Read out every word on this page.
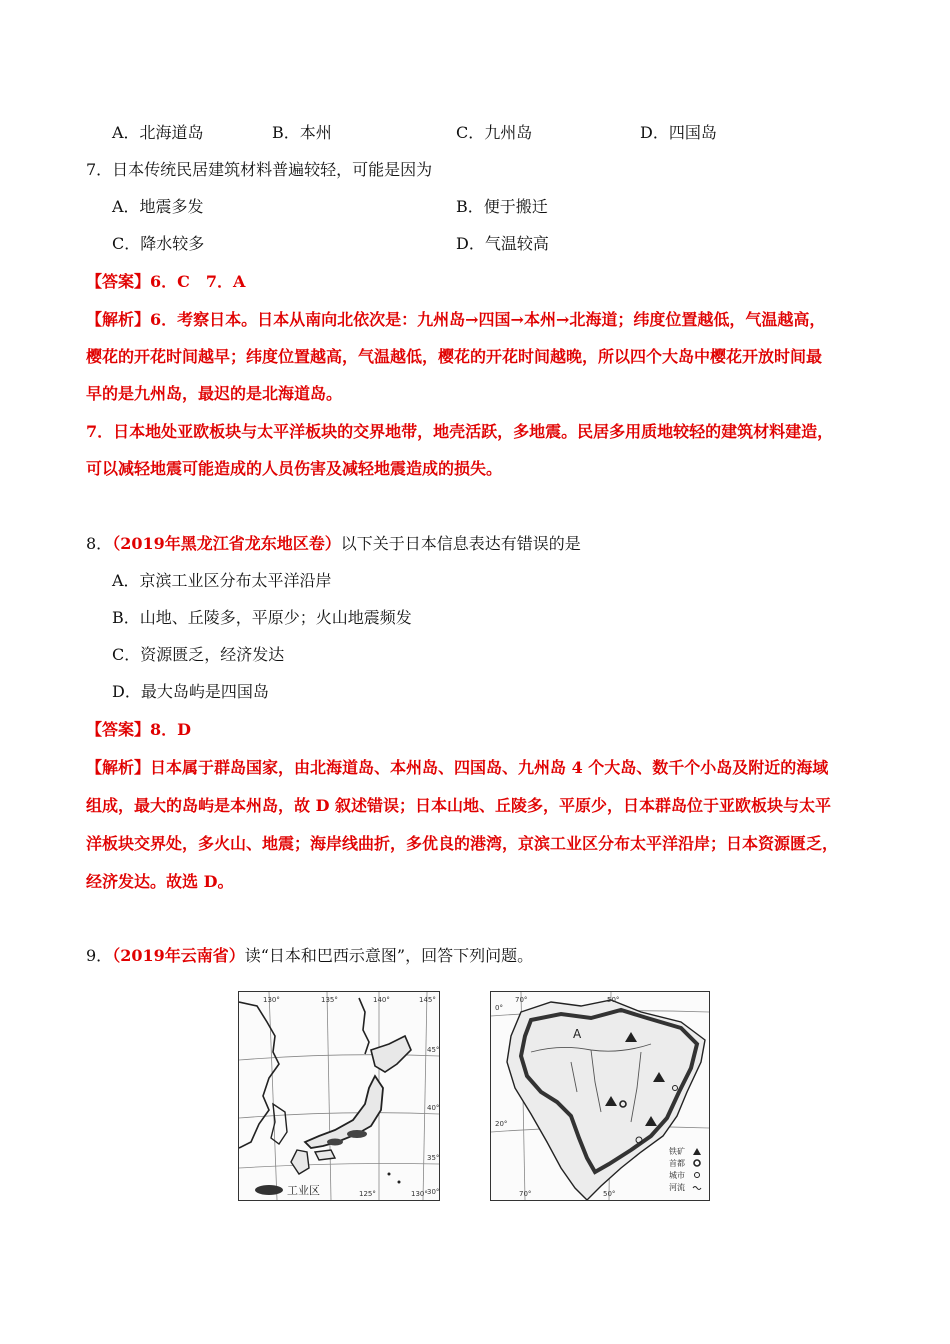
A．北海道岛	B．本州	C．九州岛	D．四国岛
7．日本传统民居建筑材料普遍较轻，可能是因为
A．地震多发	B．便于搬迁
C．降水较多	D．气温较高
【答案】6．C　7．A
【解析】6．考察日本。日本从南向北依次是：九州岛→四国→本州→北海道；纬度位置越低，气温越高，
樱花的开花时间越早；纬度位置越高，气温越低，樱花的开花时间越晚，所以四个大岛中樱花开放时间最
早的是九州岛，最迟的是北海道岛。
7．日本地处亚欧板块与太平洋板块的交界地带，地壳活跃，多地震。民居多用质地较轻的建筑材料建造，
可以减轻地震可能造成的人员伤害及减轻地震造成的损失。
8．（2019年黑龙江省龙东地区卷）以下关于日本信息表达有错误的是
A．京滨工业区分布太平洋沿岸
B．山地、丘陵多，平原少；火山地震频发
C．资源匮乏，经济发达
D．最大岛屿是四国岛
【答案】8．D
【解析】日本属于群岛国家，由北海道岛、本州岛、四国岛、九州岛 4 个大岛、数千个小岛及附近的海域
组成，最大的岛屿是本州岛，故 D 叙述错误；日本山地、丘陵多，平原少，日本群岛位于亚欧板块与太平
洋板块交界处，多火山、地震；海岸线曲折，多优良的港湾，京滨工业区分布太平洋沿岸；日本资源匮乏，
经济发达。故选 D。
9．（2019年云南省）读“日本和巴西示意图”，回答下列问题。
130°	135°	140°	145°
45°
40°
35°
30°
125°	130°
工业区
70°	50°
70°	50°
0°
20°
A
铁矿
首都
城市
河流
